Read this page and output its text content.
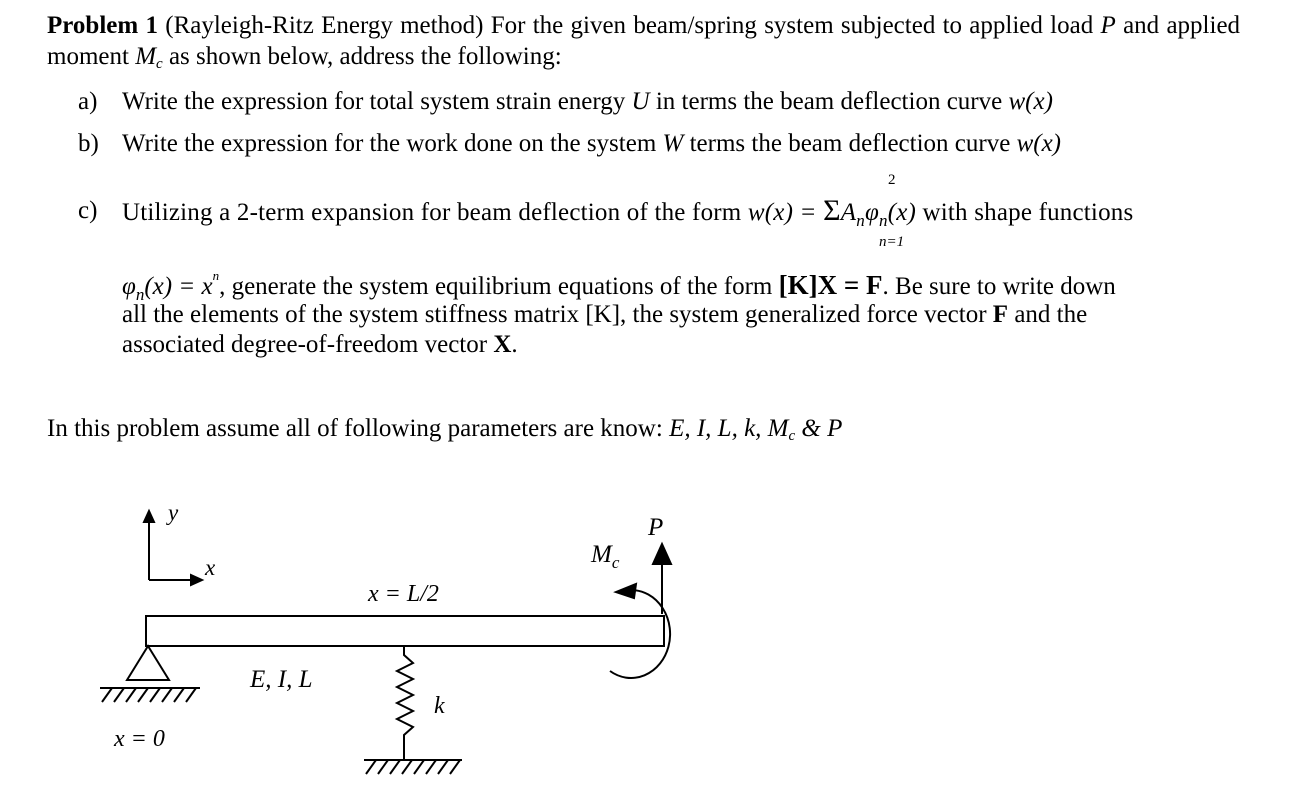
Problem 1 (Rayleigh-Ritz Energy method) For the given beam/spring system subjected to applied load P and applied moment $M_c$ as shown below, address the following:
a) Write the expression for total system strain energy U in terms the beam deflection curve w(x)
b) Write the expression for the work done on the system W terms the beam deflection curve w(x)
c) Utilizing a 2-term expansion for beam deflection of the form $w(x) = \Sigma A_n\varphi_n(x)$ with shape functions
2
n=1
$\varphi_n(x) = x^n$, generate the system equilibrium equations of the form [K]X = F. Be sure to write down
all the elements of the system stiffness matrix [K], the system generalized force vector F and the
associated degree-of-freedom vector X.
In this problem assume all of following parameters are know: E, I, L, k, $M_c$ & P
y
x
x = L/2
$M_c$
P
E, I, L
k
x = 0
